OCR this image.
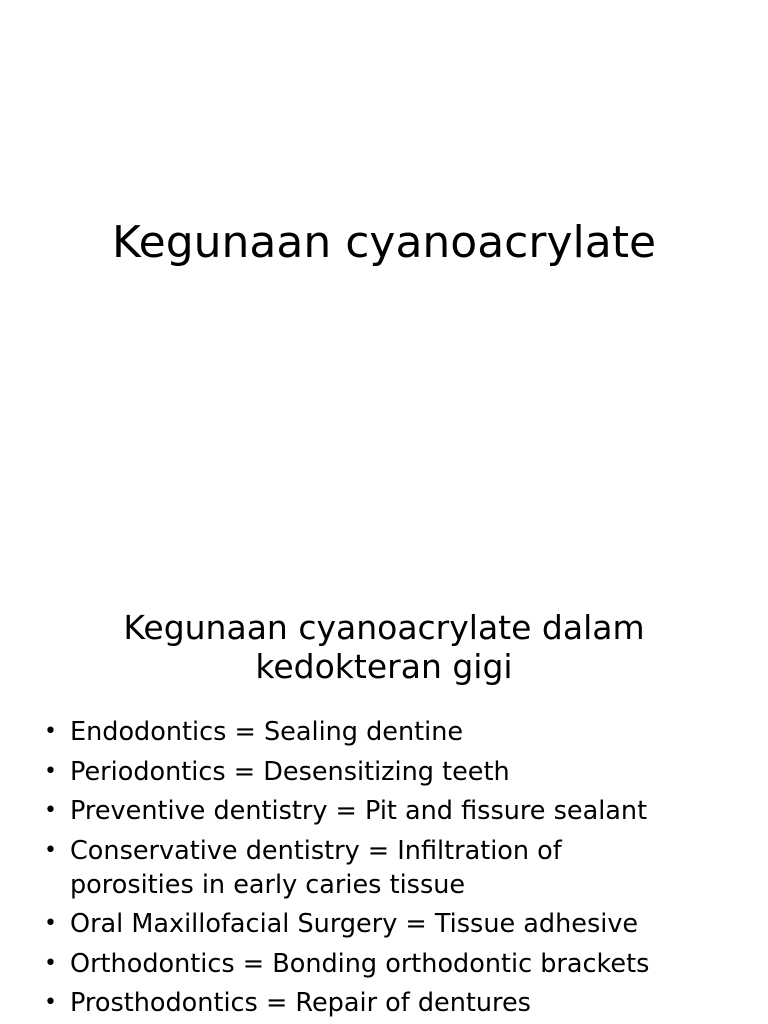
Kegunaan cyanoacrylate
Kegunaan cyanoacrylate dalam
kedokteran gigi
• Endodontics = Sealing dentine
• Periodontics = Desensitizing teeth
• Preventive dentistry = Pit and fissure sealant
• Conservative dentistry = Infiltration of
porosities in early caries tissue
• Oral Maxillofacial Surgery = Tissue adhesive
• Orthodontics = Bonding orthodontic brackets
• Prosthodontics = Repair of dentures
